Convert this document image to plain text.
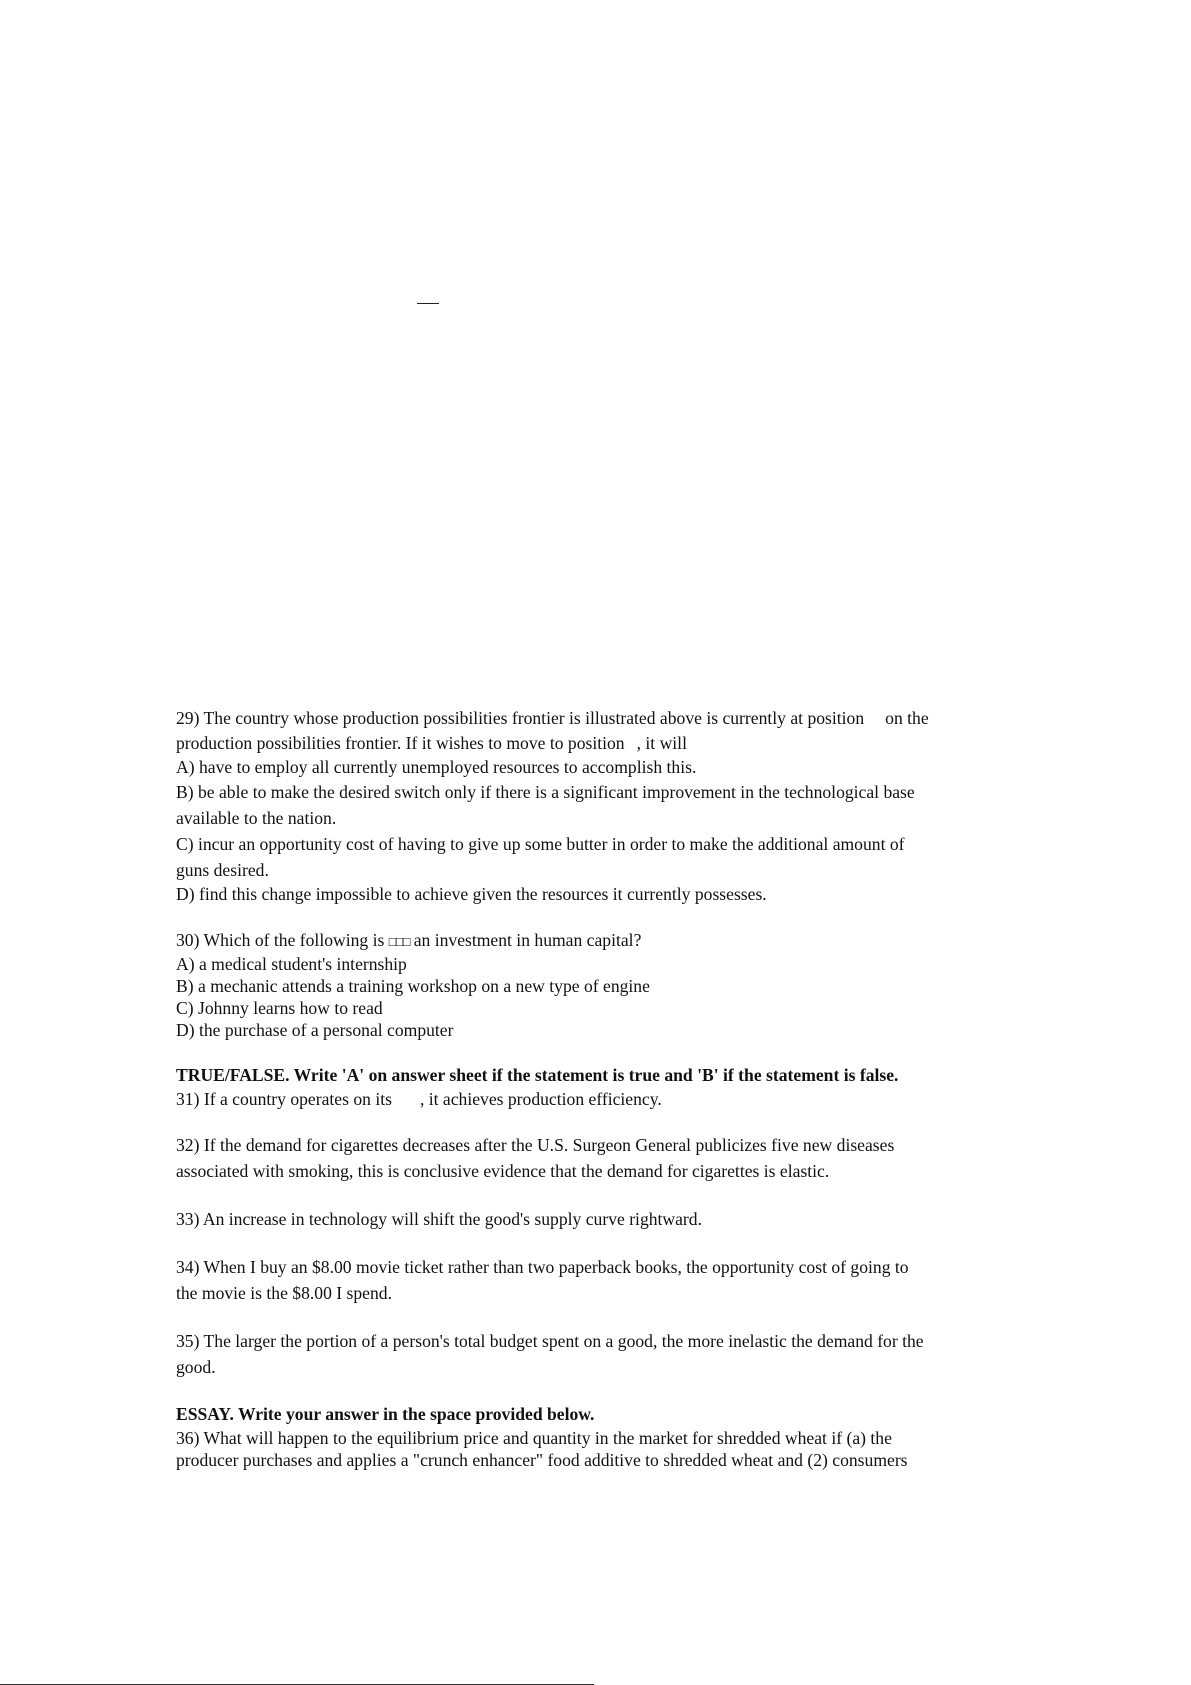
29) The country whose production possibilities frontier is illustrated above is currently at position on the
production possibilities frontier. If it wishes to move to position , it will
A) have to employ all currently unemployed resources to accomplish this.
B) be able to make the desired switch only if there is a significant improvement in the technological base
available to the nation.
C) incur an opportunity cost of having to give up some butter in order to make the additional amount of
guns desired.
D) find this change impossible to achieve given the resources it currently possesses.
30) Which of the following is □□□ an investment in human capital?
A) a medical student's internship
B) a mechanic attends a training workshop on a new type of engine
C) Johnny learns how to read
D) the purchase of a personal computer
TRUE/FALSE. Write 'A' on answer sheet if the statement is true and 'B' if the statement is false.
31) If a country operates on its , it achieves production efficiency.
32) If the demand for cigarettes decreases after the U.S. Surgeon General publicizes five new diseases
associated with smoking, this is conclusive evidence that the demand for cigarettes is elastic.
33) An increase in technology will shift the good's supply curve rightward.
34) When I buy an $8.00 movie ticket rather than two paperback books, the opportunity cost of going to
the movie is the $8.00 I spend.
35) The larger the portion of a person's total budget spent on a good, the more inelastic the demand for the
good.
ESSAY. Write your answer in the space provided below.
36) What will happen to the equilibrium price and quantity in the market for shredded wheat if (a) the
producer purchases and applies a "crunch enhancer" food additive to shredded wheat and (2) consumers
